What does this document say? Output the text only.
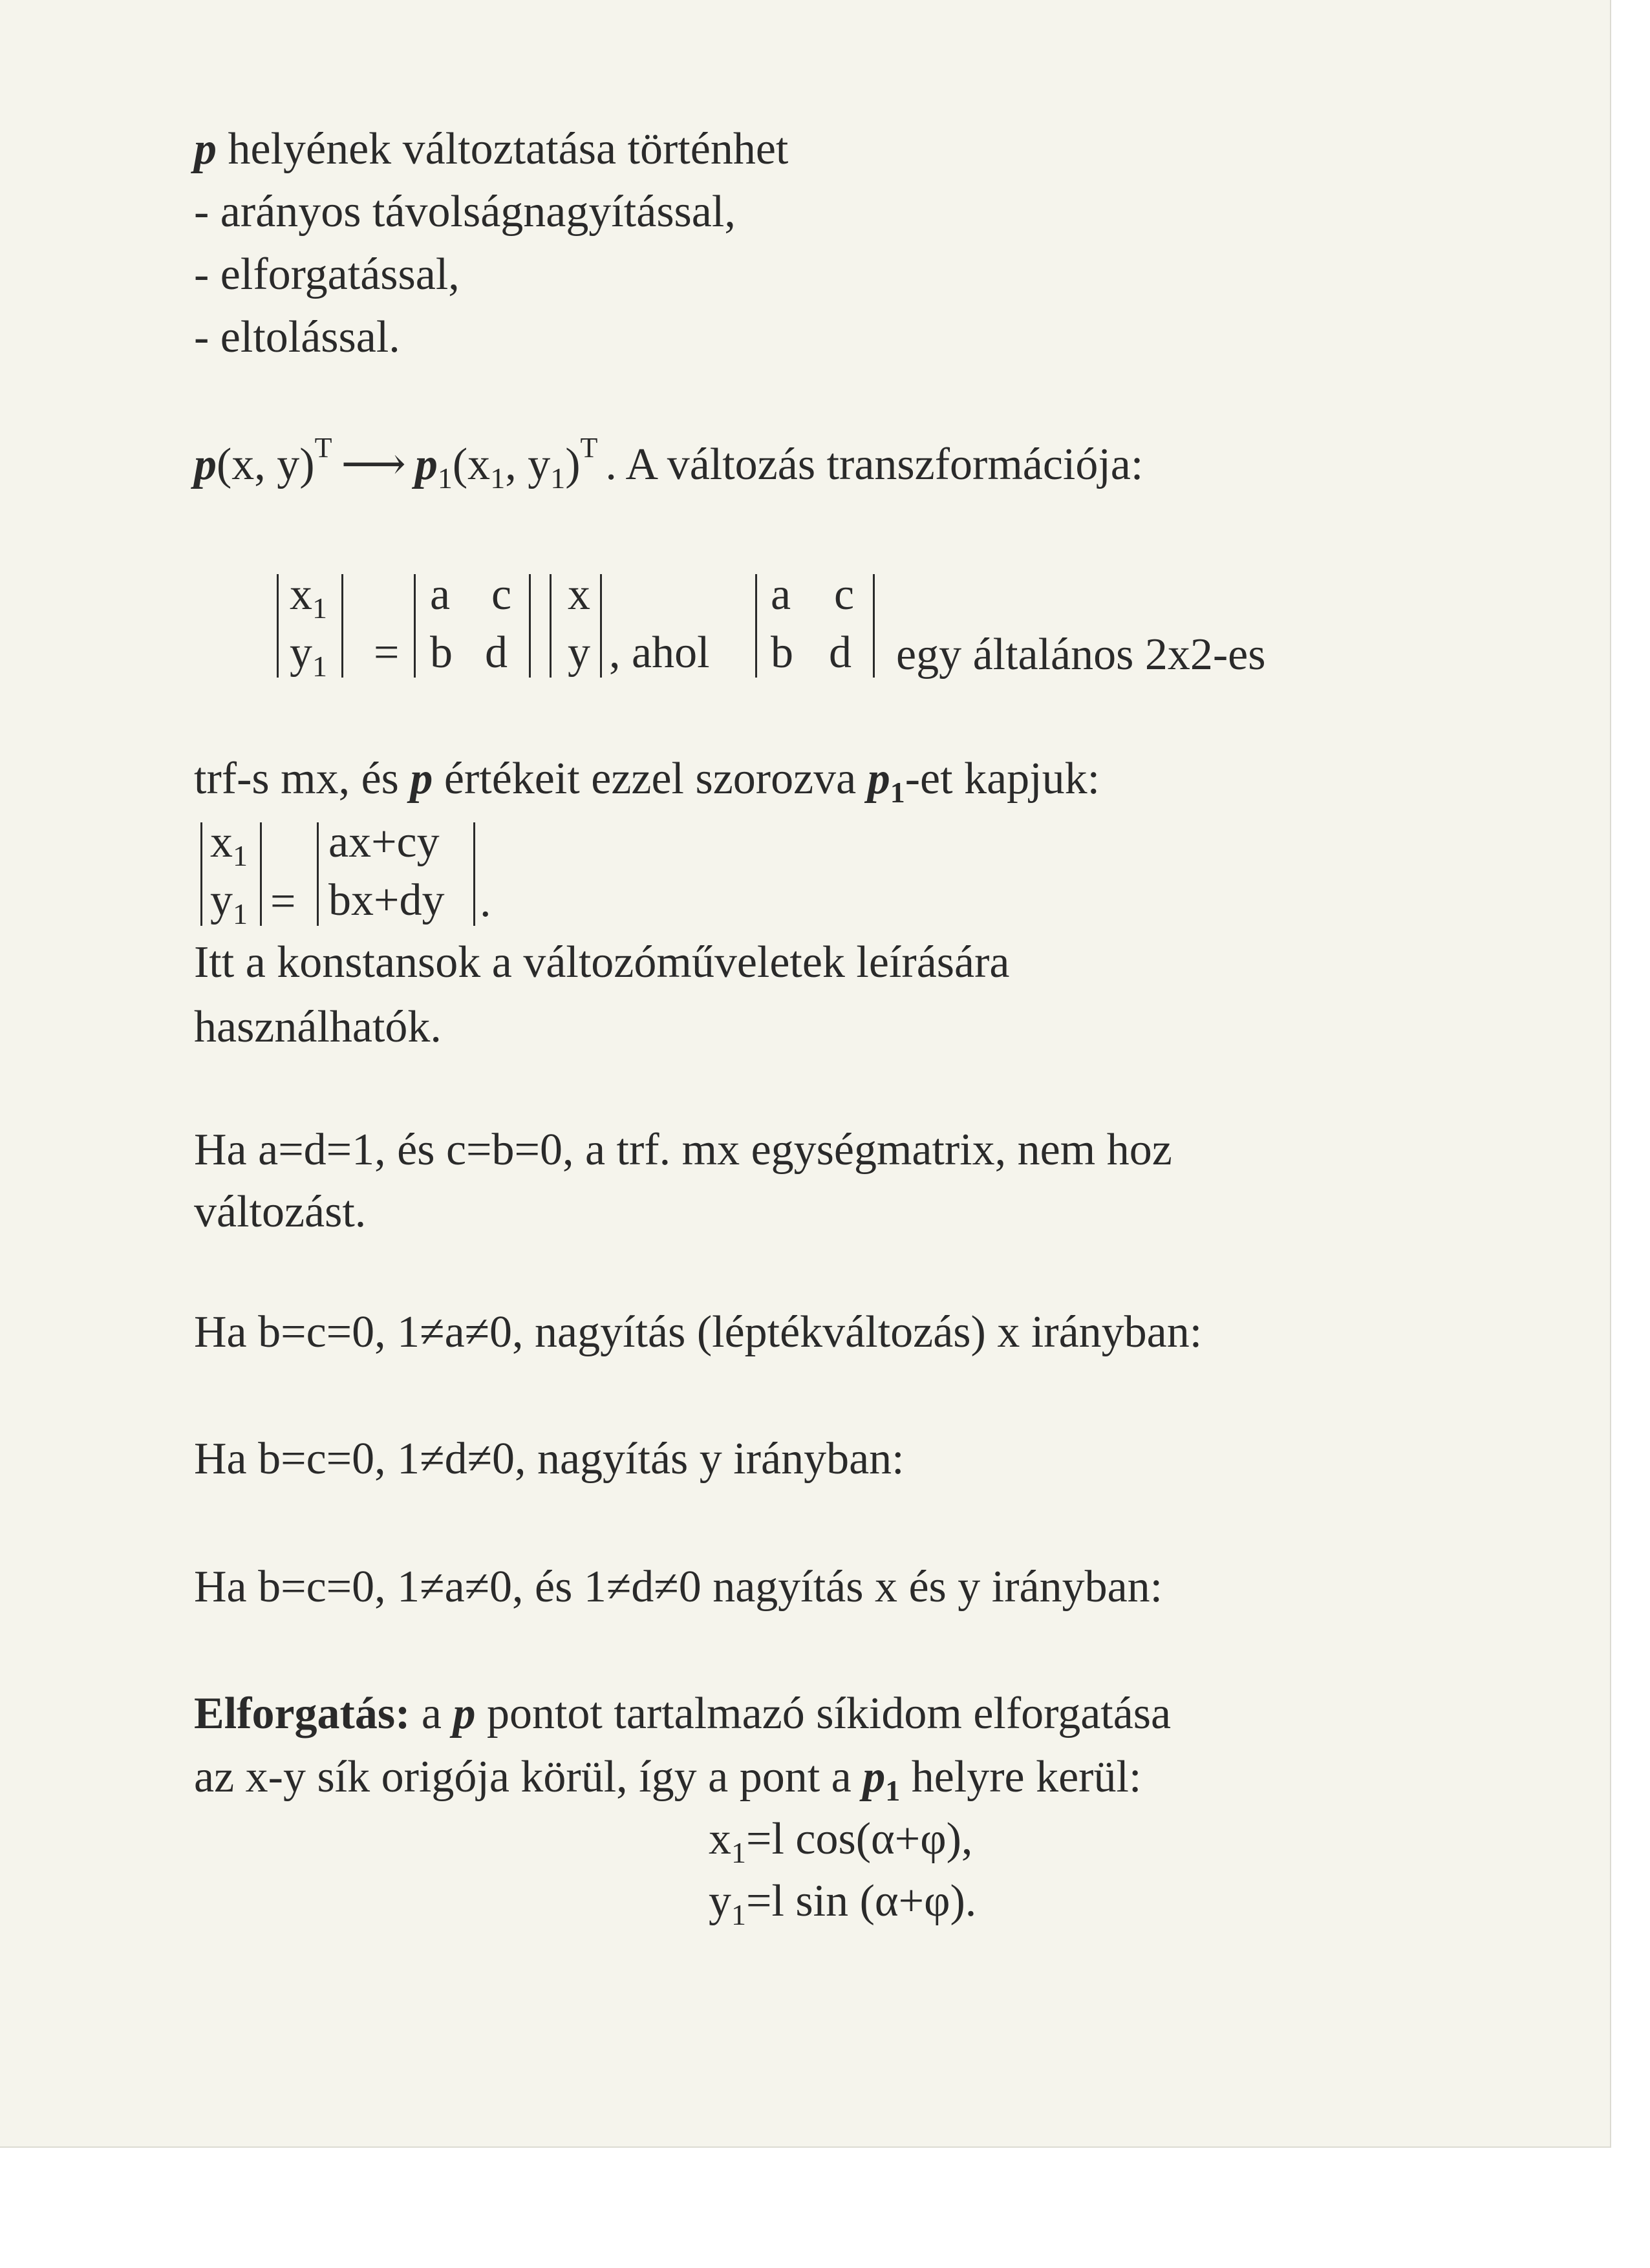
p helyének változtatása történhet
- arányos távolságnagyítással,
- elforgatással,
- eltolással.
p(x, y)$^T$ ⟶ $p_1(x_1$, $y_1)^T$ . A változás transzformációja:
$x_1$
$y_1$ =
a c
b d
x
y , ahol
a c
b d egy általános 2x2-es
trf-s mx, és p értékeit ezzel szorozva $p_1-et$ kapjuk:
$x_1$
$y_1$ =
ax+cy
bx+dy .
Itt a konstansok a változóműveletek leírására
használhatók.
Ha a=d=1, és c=b=0, a trf. mx egységmatrix, nem hoz
változást.
Ha b=c=0, 1≠a≠0, nagyítás (léptékváltozás) x irányban:
Ha b=c=0, 1≠d≠0, nagyítás y irányban:
Ha b=c=0, 1≠a≠0, és 1≠d≠0 nagyítás x és y irányban:
Elforgatás: a p pontot tartalmazó síkidom elforgatása
az x-y sík origója körül, így a pont a $p_1$ helyre kerül:
$x_1=l$ cos(α+φ),
$y_1=l$ sin (α+φ).
